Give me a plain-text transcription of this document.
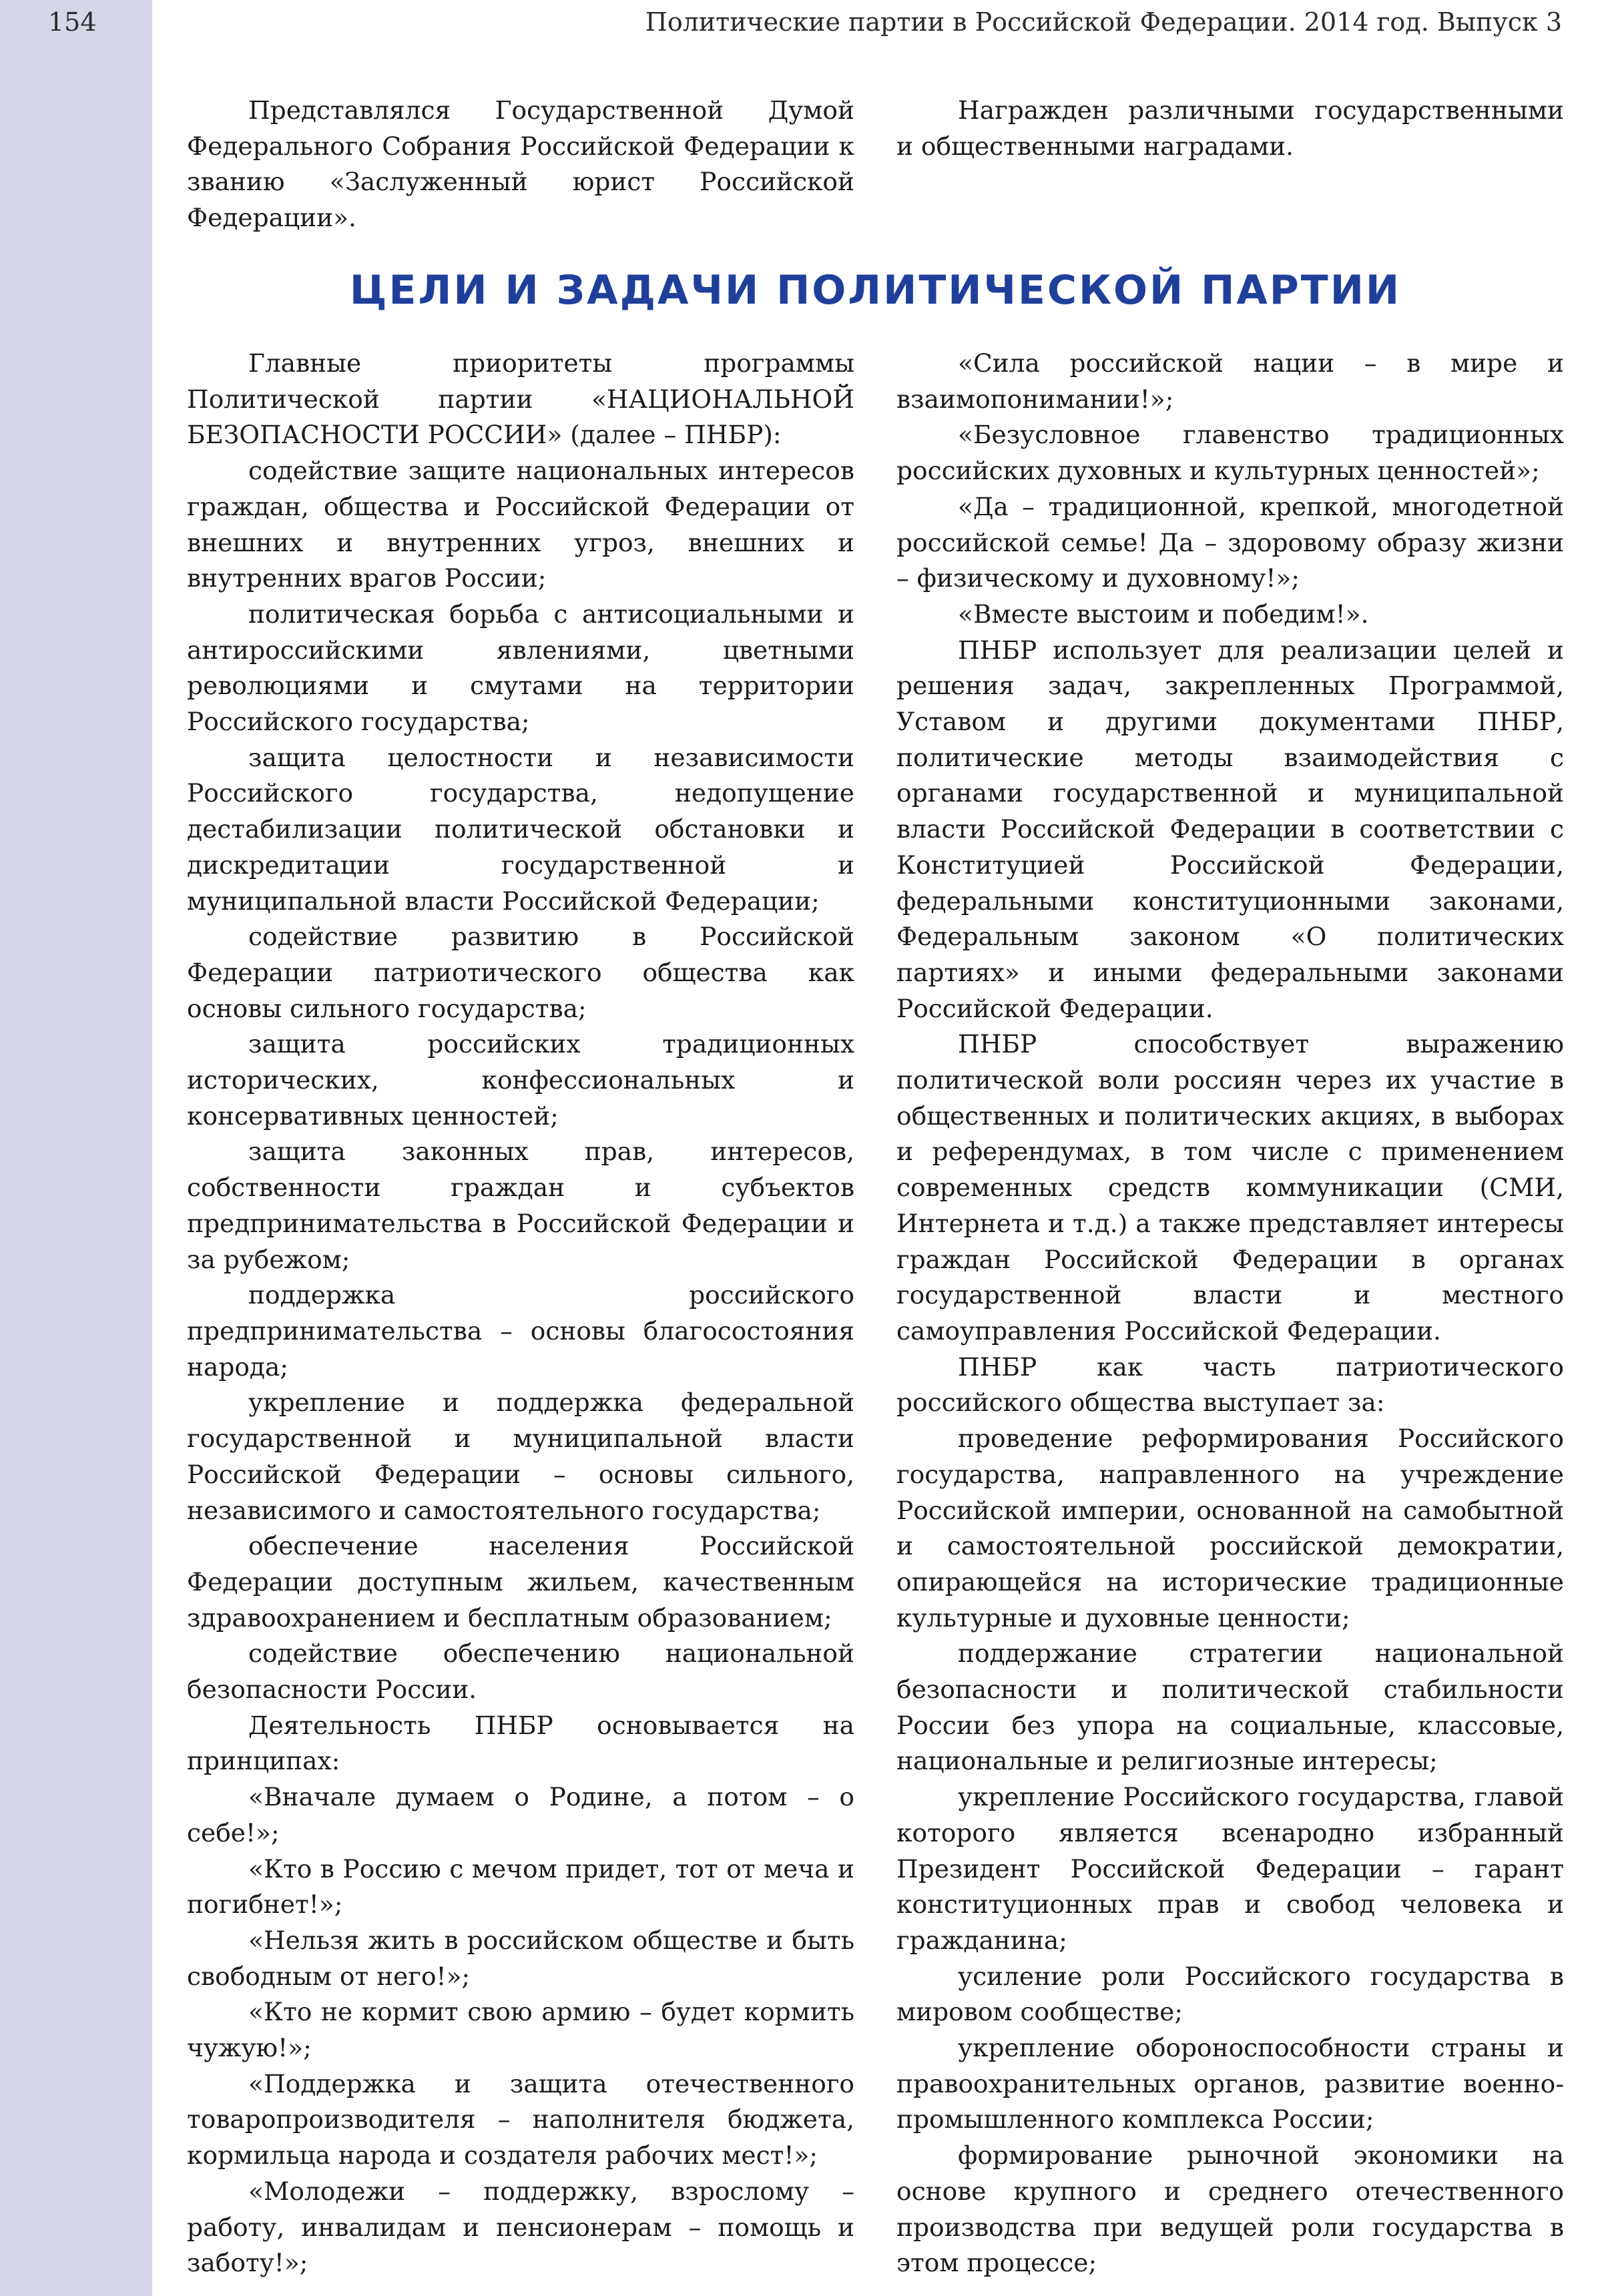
154	Политические партии в Российской Федерации. 2014 год. Выпуск 3

Представлялся Государственной Думой Федерального Собрания Российской Федерации к званию «Заслуженный юрист Российской Федерации».

Награжден различными государственными и общественными наградами.

ЦЕЛИ И ЗАДАЧИ ПОЛИТИЧЕСКОЙ ПАРТИИ

Главные приоритеты программы Политической партии «НАЦИОНАЛЬНОЙ БЕЗОПАСНОСТИ РОССИИ» (далее – ПНБР):

содействие защите национальных интересов граждан, общества и Российской Федерации от внешних и внутренних угроз, внешних и внутренних врагов России;

политическая борьба с антисоциальными и антироссийскими явлениями, цветными революциями и смутами на территории Российского государства;

защита целостности и независимости Российского государства, недопущение дестабилизации политической обстановки и дискредитации государственной и муниципальной власти Российской Федерации;

содействие развитию в Российской Федерации патриотического общества как основы сильного государства;

защита российских традиционных исторических, конфессиональных и консервативных ценностей;

защита законных прав, интересов, собственности граждан и субъектов предпринимательства в Российской Федерации и за рубежом;

поддержка российского предпринимательства – основы благосостояния народа;

укрепление и поддержка федеральной государственной и муниципальной власти Российской Федерации – основы сильного, независимого и самостоятельного государства;

обеспечение населения Российской Федерации доступным жильем, качественным здравоохранением и бесплатным образованием;

содействие обеспечению национальной безопасности России.

Деятельность ПНБР основывается на принципах:

«Вначале думаем о Родине, а потом – о себе!»;

«Кто в Россию с мечом придет, тот от меча и погибнет!»;

«Нельзя жить в российском обществе и быть свободным от него!»;

«Кто не кормит свою армию – будет кормить чужую!»;

«Поддержка и защита отечественного товаропроизводителя – наполнителя бюджета, кормильца народа и создателя рабочих мест!»;

«Молодежи – поддержку, взрослому – работу, инвалидам и пенсионерам – помощь и заботу!»;

«Сила российской нации – в мире и взаимопонимании!»;

«Безусловное главенство традиционных российских духовных и культурных ценностей»;

«Да – традиционной, крепкой, многодетной российской семье! Да – здоровому образу жизни – физическому и духовному!»;

«Вместе выстоим и победим!».

ПНБР использует для реализации целей и решения задач, закрепленных Программой, Уставом и другими документами ПНБР, политические методы взаимодействия с органами государственной и муниципальной власти Российской Федерации в соответствии с Конституцией Российской Федерации, федеральными конституционными законами, Федеральным законом «О политических партиях» и иными федеральными законами Российской Федерации.

ПНБР способствует выражению политической воли россиян через их участие в общественных и политических акциях, в выборах и референдумах, в том числе с применением современных средств коммуникации (СМИ, Интернета и т.д.) а также представляет интересы граждан Российской Федерации в органах государственной власти и местного самоуправления Российской Федерации.

ПНБР как часть патриотического российского общества выступает за:

проведение реформирования Российского государства, направленного на учреждение Российской империи, основанной на самобытной и самостоятельной российской демократии, опирающейся на исторические традиционные культурные и духовные ценности;

поддержание стратегии национальной безопасности и политической стабильности России без упора на социальные, классовые, национальные и религиозные интересы;

укрепление Российского государства, главой которого является всенародно избранный Президент Российской Федерации – гарант конституционных прав и свобод человека и гражданина;

усиление роли Российского государства в мировом сообществе;

укрепление обороноспособности страны и правоохранительных органов, развитие военно-промышленного комплекса России;

формирование рыночной экономики на основе крупного и среднего отечественного производства при ведущей роли государства в этом процессе;
